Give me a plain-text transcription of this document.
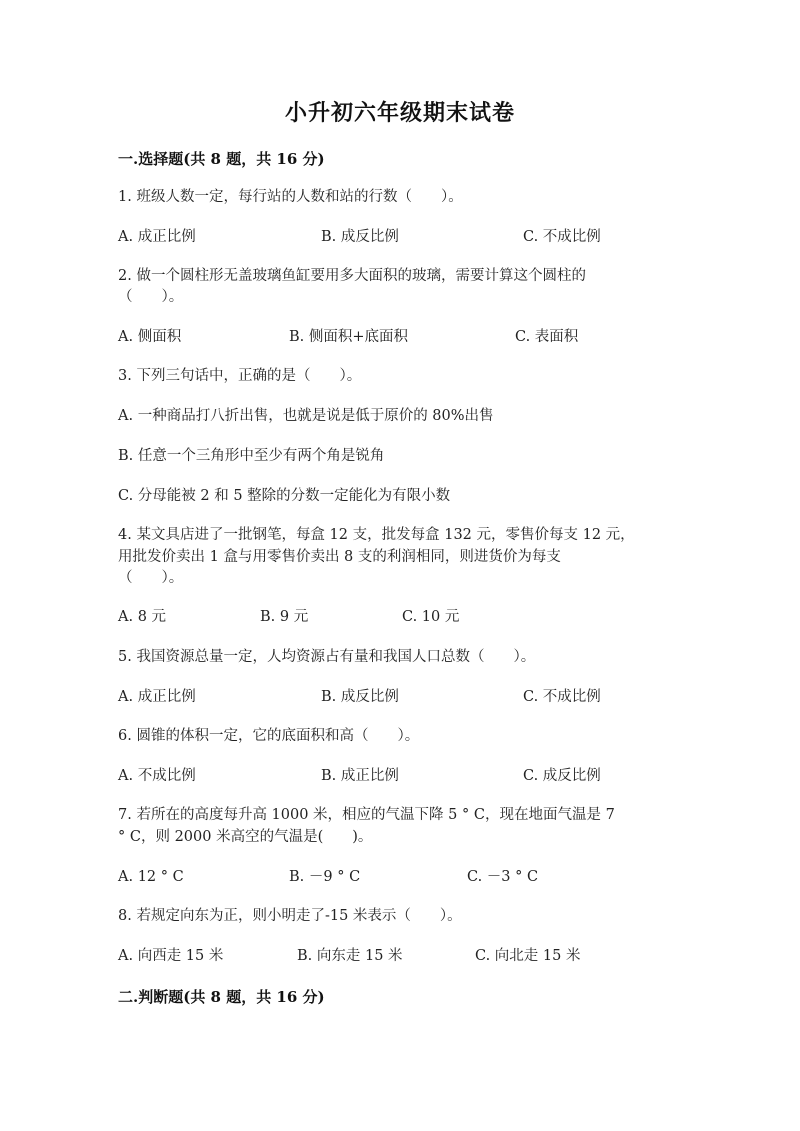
小升初六年级期末试卷
一.选择题(共 8 题，共 16 分)
1. 班级人数一定，每行站的人数和站的行数（　　）。
A. 成正比例	B. 成反比例	C. 不成比例
2. 做一个圆柱形无盖玻璃鱼缸要用多大面积的玻璃，需要计算这个圆柱的
（　　）。
A. 侧面积	B. 侧面积+底面积	C. 表面积
3. 下列三句话中，正确的是（　　）。
A. 一种商品打八折出售，也就是说是低于原价的 80%出售
B. 任意一个三角形中至少有两个角是锐角
C. 分母能被 2 和 5 整除的分数一定能化为有限小数
4. 某文具店进了一批钢笔，每盒 12 支，批发每盒 132 元，零售价每支 12 元，
用批发价卖出 1 盒与用零售价卖出 8 支的利润相同，则进货价为每支
（　　）。
A. 8 元	B. 9 元	C. 10 元
5. 我国资源总量一定，人均资源占有量和我国人口总数（　　）。
A. 成正比例	B. 成反比例	C. 不成比例
6. 圆锥的体积一定，它的底面积和高（　　）。
A. 不成比例	B. 成正比例	C. 成反比例
7. 若所在的高度每升高 1000 米，相应的气温下降 5 ° C，现在地面气温是 7
° C，则 2000 米高空的气温是(　　)。
A. 12 ° C	B. －9 ° C	C. －3 ° C
8. 若规定向东为正，则小明走了-15 米表示（　　）。
A. 向西走 15 米	B. 向东走 15 米	C. 向北走 15 米
二.判断题(共 8 题，共 16 分)
